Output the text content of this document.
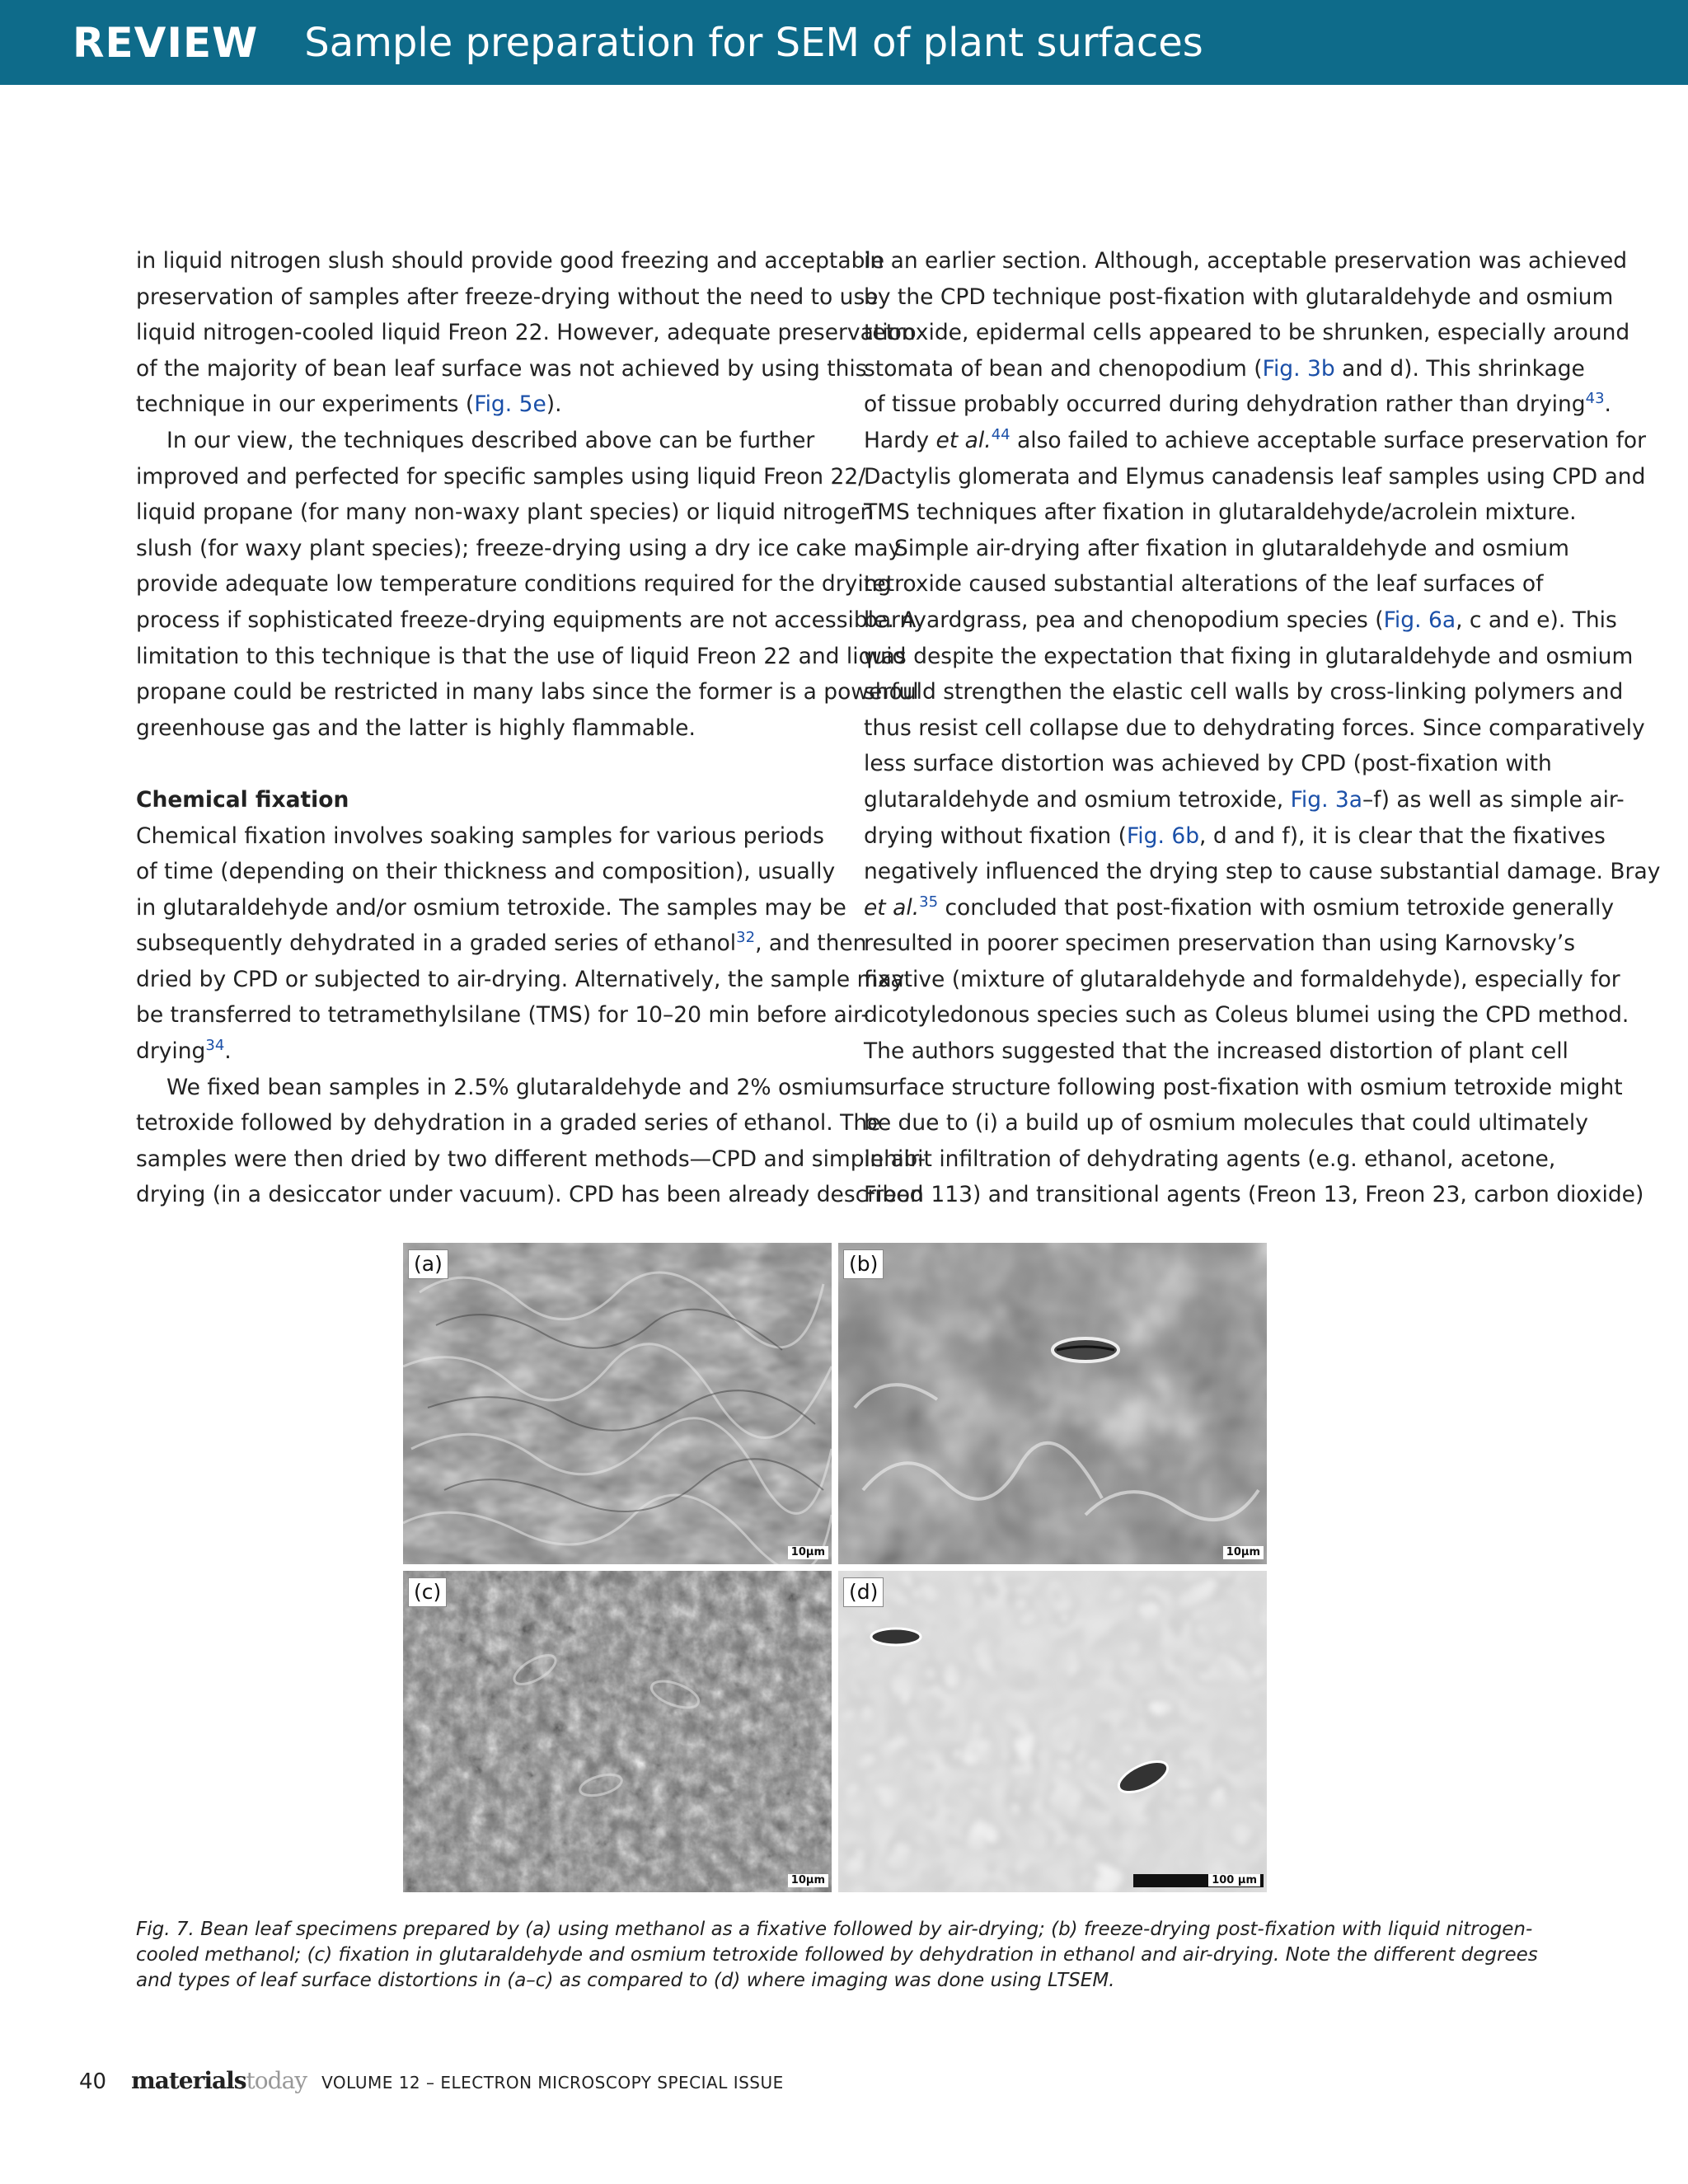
REVIEW Sample preparation for SEM of plant surfaces

in liquid nitrogen slush should provide good freezing and acceptable
preservation of samples after freeze-drying without the need to use
liquid nitrogen-cooled liquid Freon 22. However, adequate preservation
of the majority of bean leaf surface was not achieved by using this
technique in our experiments (Fig. 5e).

In our view, the techniques described above can be further
improved and perfected for specific samples using liquid Freon 22/
liquid propane (for many non-waxy plant species) or liquid nitrogen
slush (for waxy plant species); freeze-drying using a dry ice cake may
provide adequate low temperature conditions required for the drying
process if sophisticated freeze-drying equipments are not accessible. A
limitation to this technique is that the use of liquid Freon 22 and liquid
propane could be restricted in many labs since the former is a powerful
greenhouse gas and the latter is highly flammable.

Chemical fixation

Chemical fixation involves soaking samples for various periods
of time (depending on their thickness and composition), usually
in glutaraldehyde and/or osmium tetroxide. The samples may be
subsequently dehydrated in a graded series of ethanol$^{32}$, and then
dried by CPD or subjected to air-drying. Alternatively, the sample may
be transferred to tetramethylsilane (TMS) for 10–20 min before air-
drying$^{34}$.

We fixed bean samples in 2.5% glutaraldehyde and 2% osmium
tetroxide followed by dehydration in a graded series of ethanol. The
samples were then dried by two different methods—CPD and simple air-
drying (in a desiccator under vacuum). CPD has been already described

in an earlier section. Although, acceptable preservation was achieved
by the CPD technique post-fixation with glutaraldehyde and osmium
tetroxide, epidermal cells appeared to be shrunken, especially around
stomata of bean and chenopodium (Fig. 3b and d). This shrinkage
of tissue probably occurred during dehydration rather than drying$^{43}$.
Hardy et al.$^{44}$ also failed to achieve acceptable surface preservation for
Dactylis glomerata and Elymus canadensis leaf samples using CPD and
TMS techniques after fixation in glutaraldehyde/acrolein mixture.

Simple air-drying after fixation in glutaraldehyde and osmium
tetroxide caused substantial alterations of the leaf surfaces of
barnyardgrass, pea and chenopodium species (Fig. 6a, c and e). This
was despite the expectation that fixing in glutaraldehyde and osmium
should strengthen the elastic cell walls by cross-linking polymers and
thus resist cell collapse due to dehydrating forces. Since comparatively
less surface distortion was achieved by CPD (post-fixation with
glutaraldehyde and osmium tetroxide, Fig. 3a–f) as well as simple air-
drying without fixation (Fig. 6b, d and f), it is clear that the fixatives
negatively influenced the drying step to cause substantial damage. Bray
et al.$^{35}$ concluded that post-fixation with osmium tetroxide generally
resulted in poorer specimen preservation than using Karnovsky’s
fixative (mixture of glutaraldehyde and formaldehyde), especially for
dicotyledonous species such as Coleus blumei using the CPD method.
The authors suggested that the increased distortion of plant cell
surface structure following post-fixation with osmium tetroxide might
be due to (i) a build up of osmium molecules that could ultimately
inhibit infiltration of dehydrating agents (e.g. ethanol, acetone,
Freon 113) and transitional agents (Freon 13, Freon 23, carbon dioxide)

(a)
10μm
(b)
10μm
(c)
10μm
(d)
100 μm
Fig. 7. Bean leaf specimens prepared by (a) using methanol as a fixative followed by air-drying; (b) freeze-drying post-fixation with liquid nitrogen-cooled methanol; (c) fixation in glutaraldehyde and osmium tetroxide followed by dehydration in ethanol and air-drying. Note the different degrees and types of leaf surface distortions in (a–c) as compared to (d) where imaging was done using LTSEM.
40 materials today VOLUME 12 – ELECTRON MICROSCOPY SPECIAL ISSUE
